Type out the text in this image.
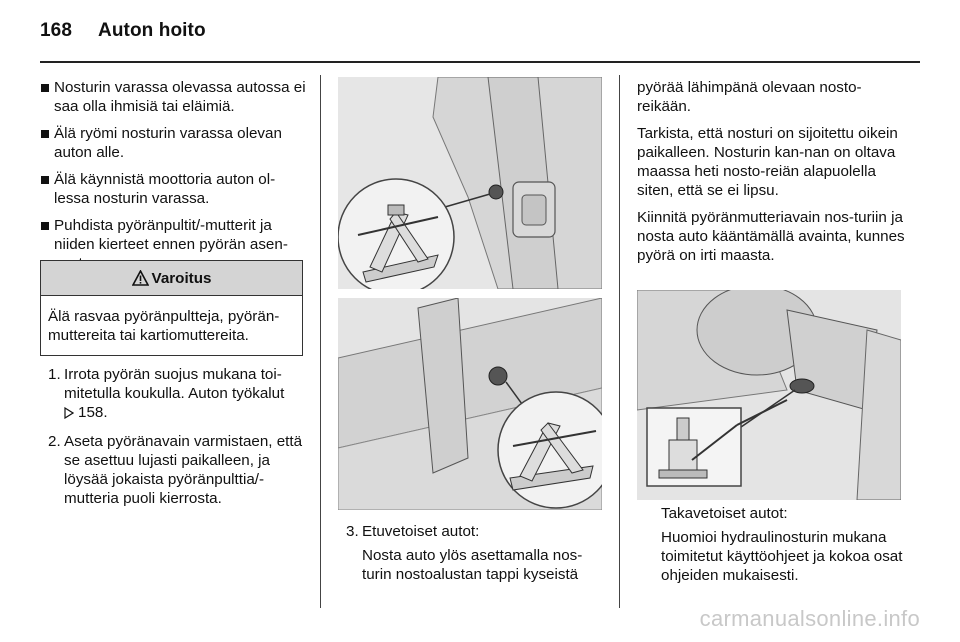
168 Auton hoito
Nosturin varassa olevassa autossa ei saa olla ihmisiä tai eläimiä.
Älä ryömi nosturin varassa olevan auton alle.
Älä käynnistä moottoria auton ol-lessa nosturin varassa.
Puhdista pyöränpultit/-mutterit ja niiden kierteet ennen pyörän asen-
Varoitus
Älä rasvaa pyöränpultteja, pyörän-muttereita tai kartiomuttereita.
1. Irrota pyörän suojus mukana toi-mitetulla koukulla. Auton työkalut

158.
2. Aseta pyöränavain varmistaen, että se asettuu lujasti paikalleen, ja löysää jokaista pyöränpulttia/-mutteria puoli kierrosta.
3. Etuvetoiset autot:
Nosta auto ylös asettamalla nos-turin nostoalustan tappi kyseistä

pyörää lähimpänä olevaan nosto-reikään.

Tarkista, että nosturi on sijoitettu oikein paikalleen. Nosturin kan-nan on oltava maassa heti nosto-reiän alapuolella siten, että se ei lipsu.

Kiinnitä pyöränmutteriavain nos-turiin ja nosta auto kääntämällä avainta, kunnes pyörä on irti maasta.

Takavetoiset autot:
Huomioi hydraulinosturin mukana toimitetut käyttöohjeet ja kokoa osat ohjeiden mukaisesti.
carmanualsonline.info
